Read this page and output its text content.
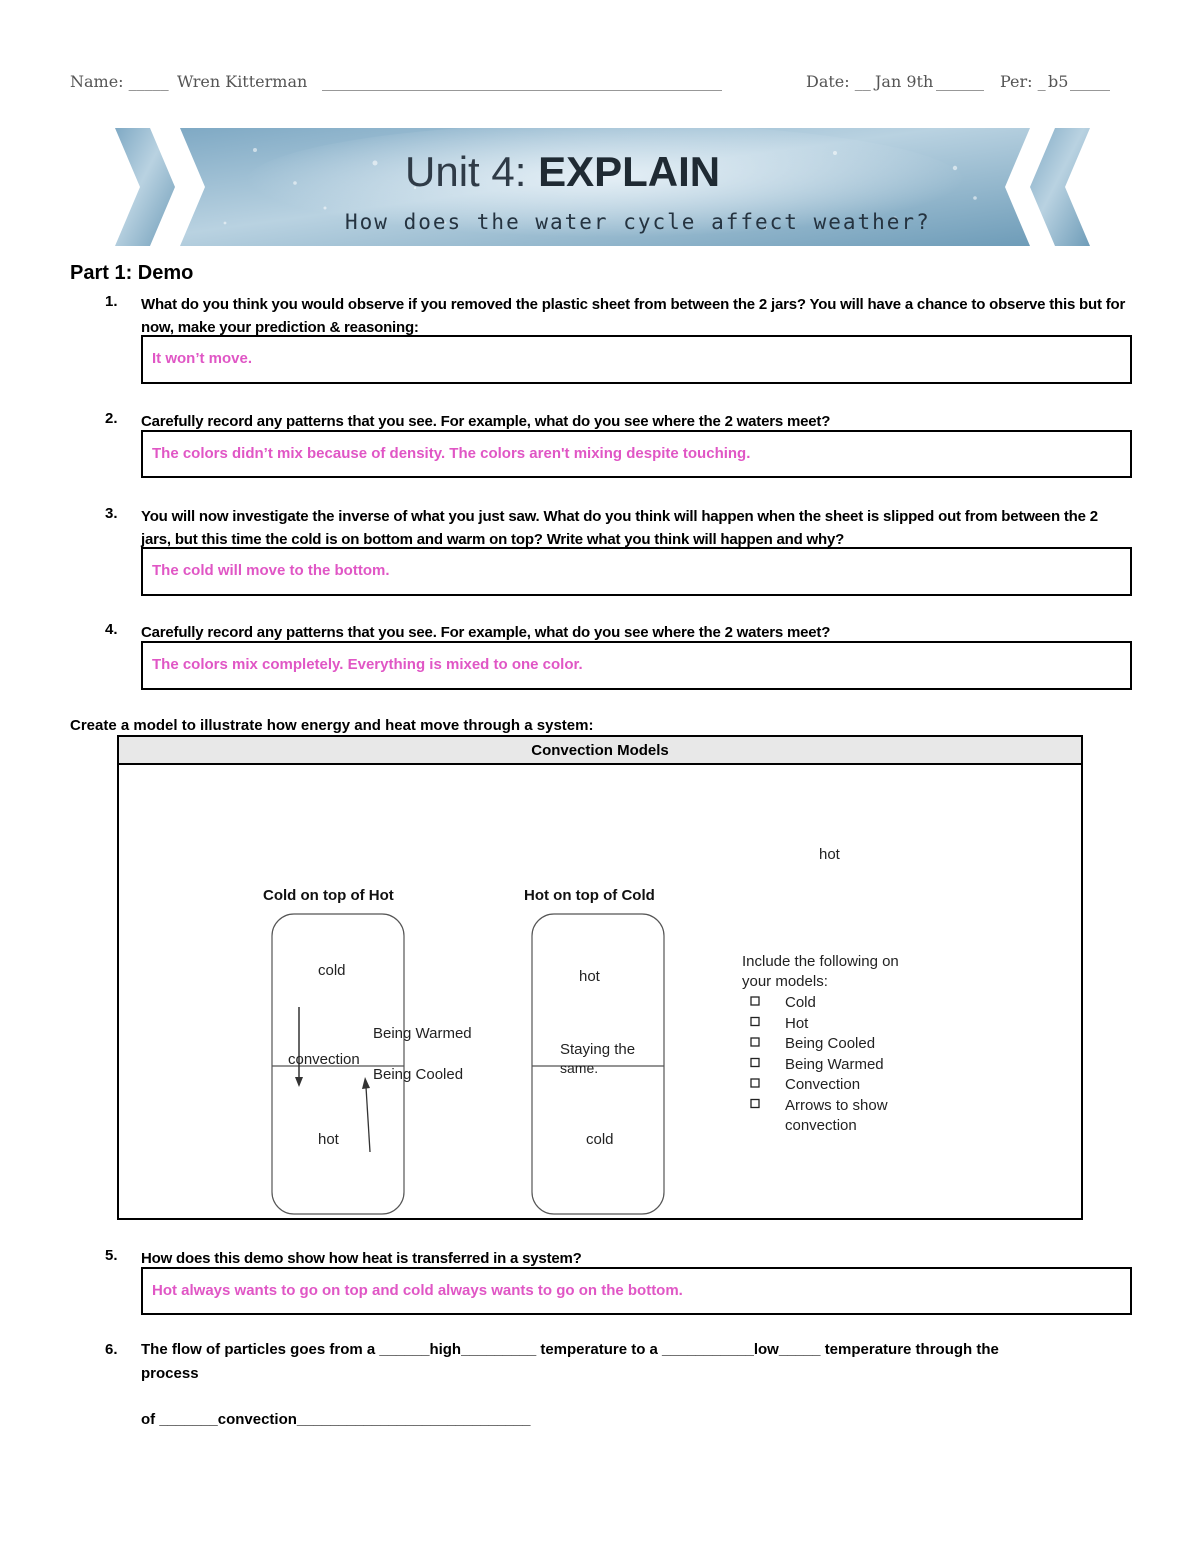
Name: _____ Wren Kitterman __________________________________________________	Date: __ Jan 9th ______ Per: _ b5 _____
Unit 4: EXPLAIN
How does the water cycle affect weather?
Part 1: Demo
1.	What do you think you would observe if you removed the plastic sheet from between the 2 jars? You will have a chance to observe this but for now, make your prediction & reasoning:
It won’t move.
2.	Carefully record any patterns that you see. For example, what do you see where the 2 waters meet?
The colors didn’t mix because of density. The colors aren't mixing despite touching.
3.	You will now investigate the inverse of what you just saw. What do you think will happen when the sheet is slipped out from between the 2 jars, but this time the cold is on bottom and warm on top? Write what you think will happen and why?
The cold will move to the bottom.
4.	Carefully record any patterns that you see. For example, what do you see where the 2 waters meet?
The colors mix completely. Everything is mixed to one color.
Create a model to illustrate how energy and heat move through a system:
Convection Models
Cold on top of Hot	Hot on top of Cold
cold
hot
convection
Being Warmed
Being Cooled
hot
cold
Staying the
same.
hot
Include the following on
your models:
Cold
Hot
Being Cooled
Being Warmed
Convection
Arrows to show
convection
5.	How does this demo show how heat is transferred in a system?
Hot always wants to go on top and cold always wants to go on the bottom.
6.	The flow of particles goes from a ______high_________ temperature to a ___________low_____ temperature through the
process
of _______convection____________________________
